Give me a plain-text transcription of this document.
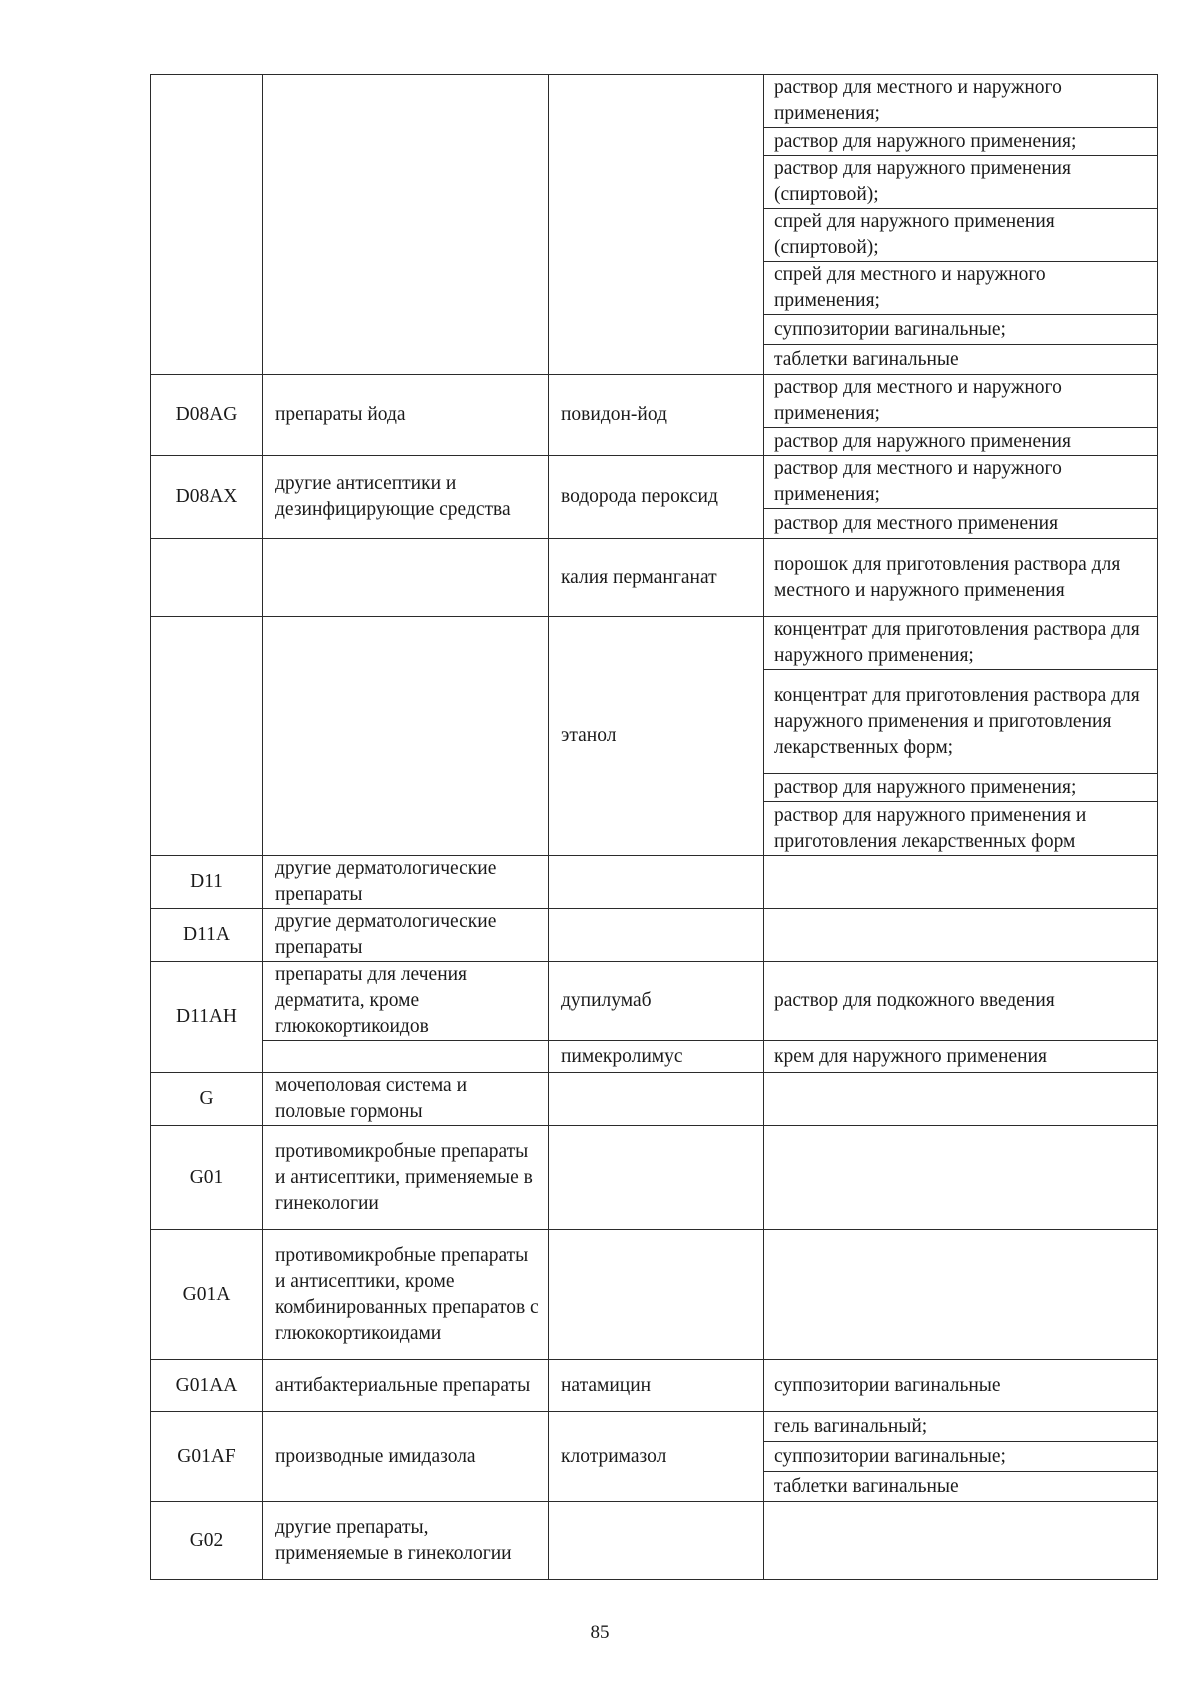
			раствор для местного и наружного применения;
			раствор для наружного применения;
			раствор для наружного применения (спиртовой);
			спрей для наружного применения (спиртовой);
			спрей для местного и наружного применения;
			суппозитории вагинальные;
			таблетки вагинальные
D08AG	препараты йода	повидон-йод	раствор для местного и наружного применения;
			раствор для наружного применения
D08AX	другие антисептики и дезинфицирующие средства	водорода пероксид	раствор для местного и наружного применения;
			раствор для местного применения
		калия перманганат	порошок для приготовления раствора для местного и наружного применения
		этанол	концентрат для приготовления раствора для наружного применения;
			концентрат для приготовления раствора для наружного применения и приготовления лекарственных форм;
			раствор для наружного применения;
			раствор для наружного применения и приготовления лекарственных форм
D11	другие дерматологические препараты		
D11A	другие дерматологические препараты		
D11AH	препараты для лечения дерматита, кроме глюкокортикоидов	дупилумаб	раствор для подкожного введения
		пимекролимус	крем для наружного применения
G	мочеполовая система и половые гормоны		
G01	противомикробные препараты и антисептики, применяемые в гинекологии		
G01A	противомикробные препараты и антисептики, кроме комбинированных препаратов с глюкокортикоидами		
G01AA	антибактериальные препараты	натамицин	суппозитории вагинальные
G01AF	производные имидазола	клотримазол	гель вагинальный;
			суппозитории вагинальные;
			таблетки вагинальные
G02	другие препараты, применяемые в гинекологии		
85
